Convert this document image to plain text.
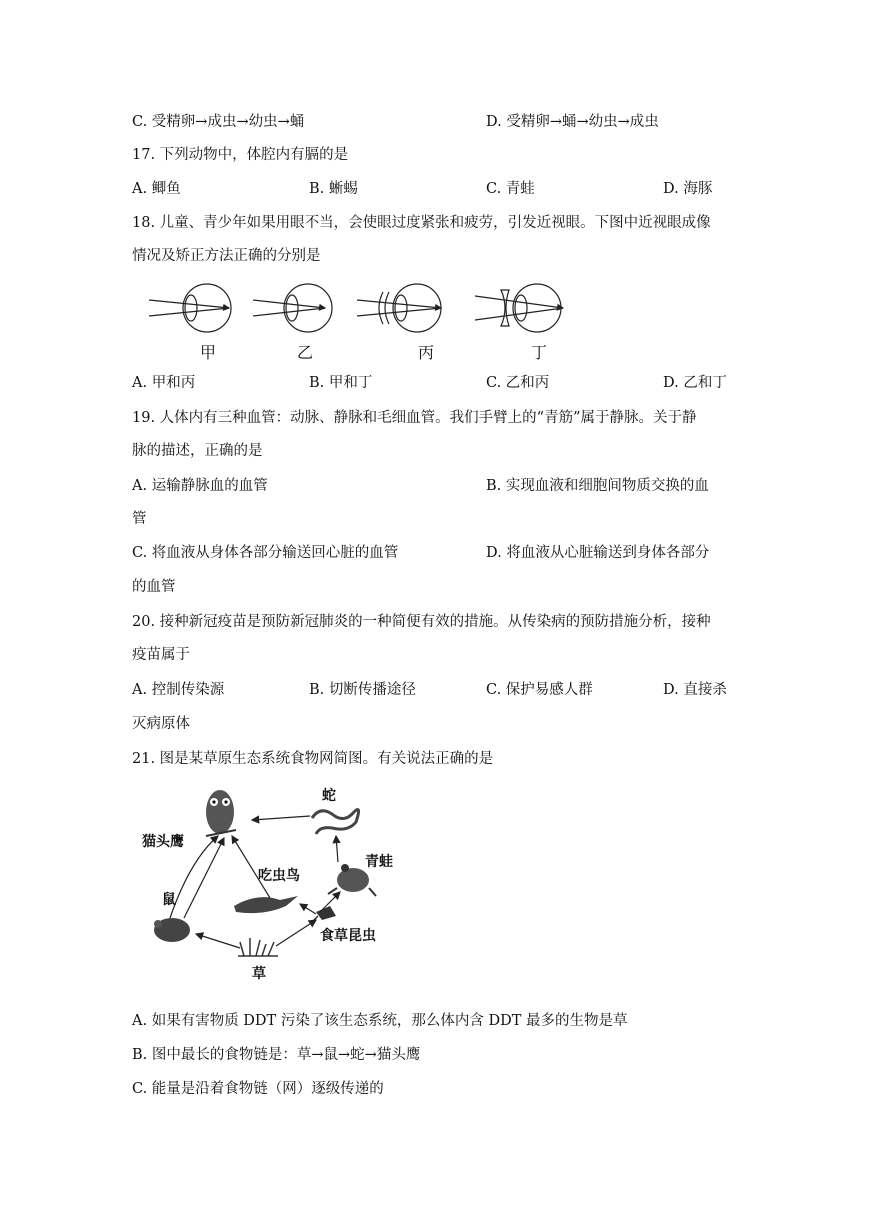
C. 受精卵→成虫→幼虫→蛹	D. 受精卵→蛹→幼虫→成虫
17. 下列动物中，体腔内有膈的是
A. 鲫鱼	B. 蜥蜴	C. 青蛙	D. 海豚
18. 儿童、青少年如果用眼不当，会使眼过度紧张和疲劳，引发近视眼。下图中近视眼成像
情况及矫正方法正确的分别是
甲	乙	丙	丁
A. 甲和丙	B. 甲和丁	C. 乙和丙	D. 乙和丁
19. 人体内有三种血管：动脉、静脉和毛细血管。我们手臂上的“青筋”属于静脉。关于静
脉的描述，正确的是
A. 运输静脉血的血管	B. 实现血液和细胞间物质交换的血
管
C. 将血液从身体各部分输送回心脏的血管	D. 将血液从心脏输送到身体各部分
的血管
20. 接种新冠疫苗是预防新冠肺炎的一种简便有效的措施。从传染病的预防措施分析，接种
疫苗属于
A. 控制传染源	B. 切断传播途径	C. 保护易感人群	D. 直接杀
灭病原体
21. 图是某草原生态系统食物网简图。有关说法正确的是
猫头鹰
蛇
青蛙
吃虫鸟
鼠
食草昆虫
草
A. 如果有害物质 DDT 污染了该生态系统，那么体内含 DDT 最多的生物是草
B. 图中最长的食物链是：草→鼠→蛇→猫头鹰
C. 能量是沿着食物链（网）逐级传递的
